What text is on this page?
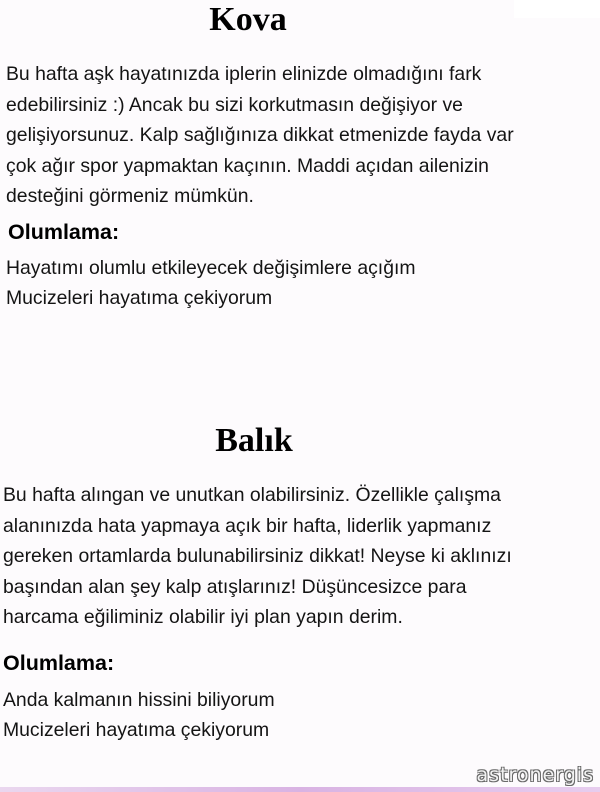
Kova
Bu hafta aşk hayatınızda iplerin elinizde olmadığını fark
edebilirsiniz :) Ancak bu sizi korkutmasın değişiyor ve
gelişiyorsunuz. Kalp sağlığınıza dikkat etmenizde fayda var
çok ağır spor yapmaktan kaçının. Maddi açıdan ailenizin
desteğini görmeniz mümkün.
Olumlama:
Hayatımı olumlu etkileyecek değişimlere açığım
Mucizeleri hayatıma çekiyorum
Balık
Bu hafta alıngan ve unutkan olabilirsiniz. Özellikle çalışma
alanınızda hata yapmaya açık bir hafta, liderlik yapmanız
gereken ortamlarda bulunabilirsiniz dikkat! Neyse ki aklınızı
başından alan şey kalp atışlarınız! Düşüncesizce para
harcama eğiliminiz olabilir iyi plan yapın derim.
Olumlama:
Anda kalmanın hissini biliyorum
Mucizeleri hayatıma çekiyorum
astronergis
